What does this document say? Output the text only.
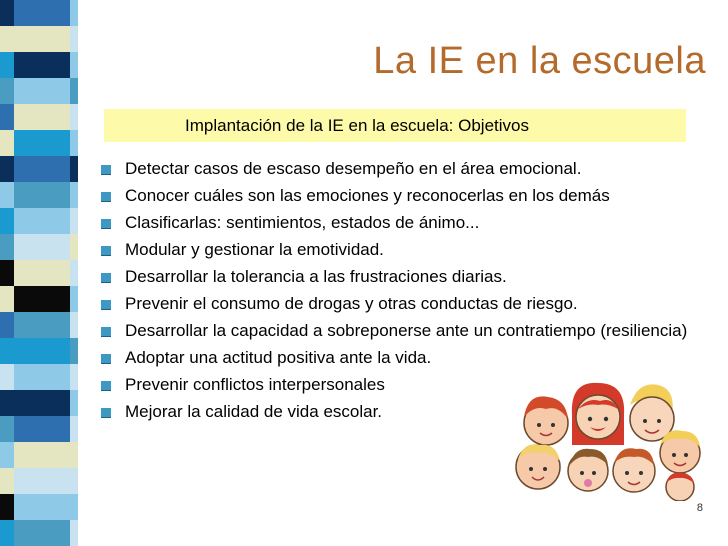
La IE en la escuela
Implantación de la IE en la escuela: Objetivos
Detectar casos de escaso desempeño en el área emocional.
Conocer cuáles son las emociones y reconocerlas en los demás
Clasificarlas: sentimientos, estados de ánimo...
Modular y gestionar la emotividad.
Desarrollar la tolerancia a las frustraciones diarias.
Prevenir el consumo de drogas y otras conductas de riesgo.
Desarrollar la capacidad a sobreponerse ante un contratiempo (resiliencia)
Adoptar una actitud positiva ante la vida.
Prevenir conflictos interpersonales
Mejorar la calidad de vida escolar.
8
